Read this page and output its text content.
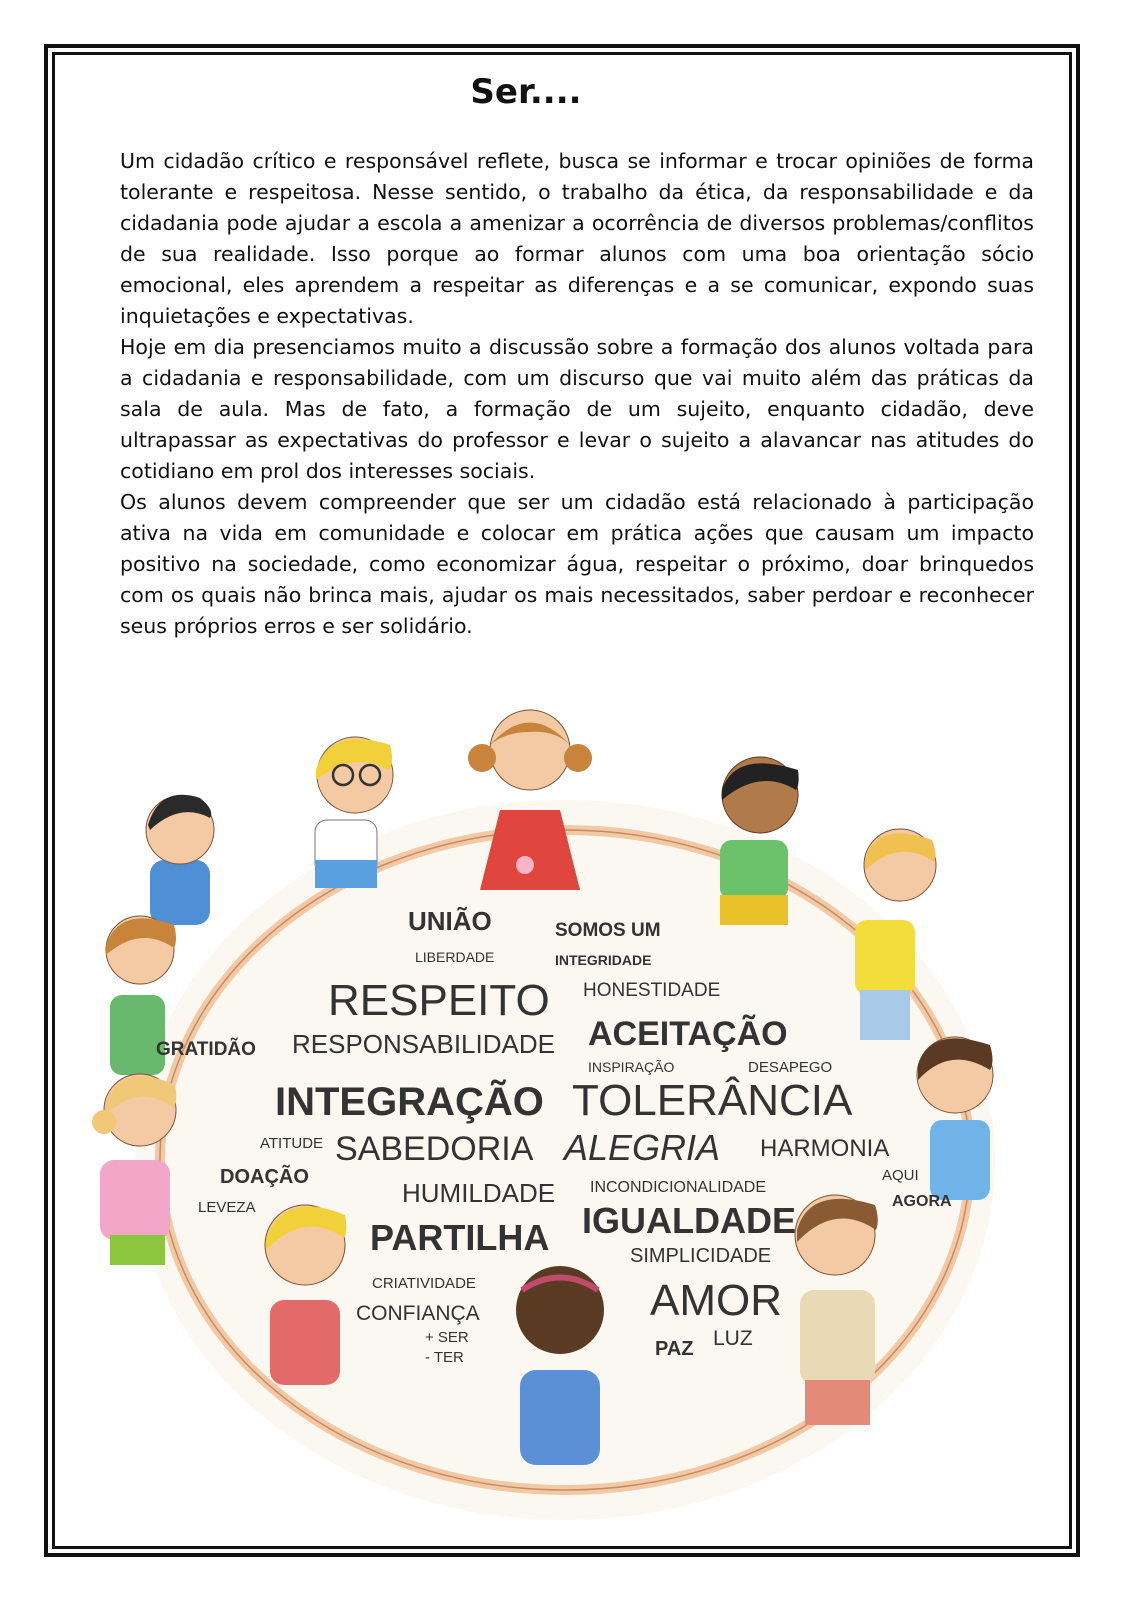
Ser....

Um cidadão crítico e responsável reflete, busca se informar e trocar opiniões de forma tolerante e respeitosa. Nesse sentido, o trabalho da ética, da responsabilidade e da cidadania pode ajudar a escola a amenizar a ocorrência de diversos problemas/conflitos de sua realidade. Isso porque ao formar alunos com uma boa orientação sócio emocional, eles aprendem a respeitar as diferenças e a se comunicar, expondo suas inquietações e expectativas.

Hoje em dia presenciamos muito a discussão sobre a formação dos alunos voltada para a cidadania e responsabilidade, com um discurso que vai muito além das práticas da sala de aula. Mas de fato, a formação de um sujeito, enquanto cidadão, deve ultrapassar as expectativas do professor e levar o sujeito a alavancar nas atitudes do cotidiano em prol dos interesses sociais.

Os alunos devem compreender que ser um cidadão está relacionado à participação ativa na vida em comunidade e colocar em prática ações que causam um impacto positivo na sociedade, como economizar água, respeitar o próximo, doar brinquedos com os quais não brinca mais, ajudar os mais necessitados, saber perdoar e reconhecer seus próprios erros e ser solidário.

UNIÃO	SOMOS UM
LIBERDADE	INTEGRIDADE
RESPEITO HONESTIDADE
GRATIDÃO RESPONSABILIDADE ACEITAÇÃO
INSPIRAÇÃO	DESAPEGO
INTEGRAÇÃO TOLERÂNCIA
ATITUDE SABEDORIA ALEGRIA HARMONIA
DOAÇÃO	AQUI
HUMILDADE INCONDICIONALIDADE
AGORA
LEVEZA
PARTILHA IGUALDADE
SIMPLICIDADE
CRIATIVIDADE	AMOR
CONFIANÇA
+ SER
- TER	PAZ LUZ
